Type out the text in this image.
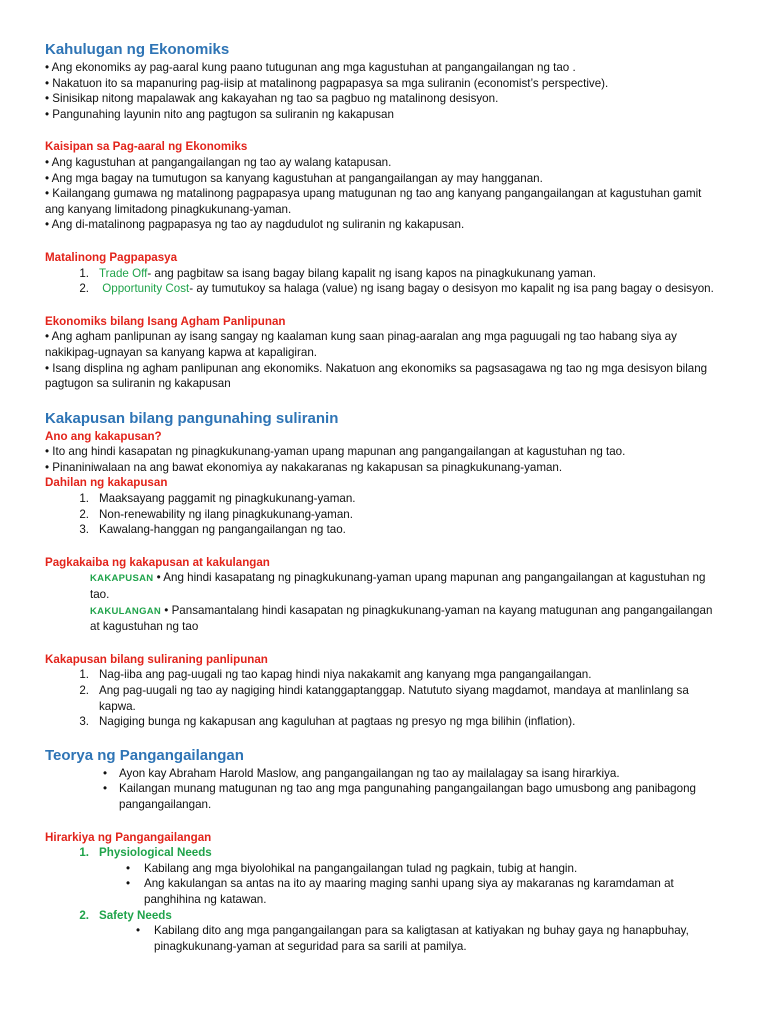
Kahulugan ng Ekonomiks

• Ang ekonomiks ay pag-aaral kung paano tutugunan ang mga kagustuhan at pangangailangan ng tao .

• Nakatuon ito sa mapanuring pag-iisip at matalinong pagpapasya sa mga suliranin (economist’s perspective).

• Sinisikap nitong mapalawak ang kakayahan ng tao sa pagbuo ng matalinong desisyon.

• Pangunahing layunin nito ang pagtugon sa suliranin ng kakapusan

Kaisipan sa Pag-aaral ng Ekonomiks

• Ang kagustuhan at pangangailangan ng tao ay walang katapusan.

• Ang mga bagay na tumutugon sa kanyang kagustuhan at pangangailangan ay may hangganan.

• Kailangang gumawa ng matalinong pagpapasya upang matugunan ng tao ang kanyang pangangailangan at kagustuhan gamit ang kanyang limitadong pinagkukunang-yaman.

• Ang di-matalinong pagpapasya ng tao ay nagdudulot ng suliranin ng kakapusan.

Matalinong Pagpapasya
1. Trade Off- ang pagbitaw sa isang bagay bilang kapalit ng isang kapos na pinagkukunang yaman.
2.	Opportunity Cost- ay tumutukoy sa halaga (value) ng isang bagay o desisyon mo kapalit ng isa pang bagay o desisyon.
Ekonomiks bilang Isang Agham Panlipunan

• Ang agham panlipunan ay isang sangay ng kaalaman kung saan pinag-aaralan ang mga paguugali ng tao habang siya ay nakikipag-ugnayan sa kanyang kapwa at kapaligiran.

• Isang displina ng agham panlipunan ang ekonomiks. Nakatuon ang ekonomiks sa pagsasagawa ng tao ng mga desisyon bilang pagtugon sa suliranin ng kakapusan

Kakapusan bilang pangunahing suliranin
Ano ang kakapusan?

• Ito ang hindi kasapatan ng pinagkukunang-yaman upang mapunan ang pangangailangan at kagustuhan ng tao.

• Pinaniniwalaan na ang bawat ekonomiya ay nakakaranas ng kakapusan sa pinagkukunang-yaman.

Dahilan ng kakapusan
1. Maaksayang paggamit ng pinagkukunang-yaman.
2. Non-renewability ng ilang pinagkukunang-yaman.
3. Kawalang-hanggan ng pangangailangan ng tao.
Pagkakaiba ng kakapusan at kakulangan

KAKAPUSAN • Ang hindi kasapatang ng pinagkukunang-yaman upang mapunan ang pangangailangan at kagustuhan ng tao.

KAKULANGAN • Pansamantalang hindi kasapatan ng pinagkukunang-yaman na kayang matugunan ang pangangailangan at kagustuhan ng tao

Kakapusan bilang suliraning panlipunan
1. Nag-iiba ang pag-uugali ng tao kapag hindi niya nakakamit ang kanyang mga pangangailangan.
2. Ang pag-uugali ng tao ay nagiging hindi katanggaptanggap. Natututo siyang magdamot, mandaya at manlinlang sa kapwa.
3. Nagiging bunga ng kakapusan ang kaguluhan at pagtaas ng presyo ng mga bilihin (inflation).
Teorya ng Pangangailangan
•	Ayon kay Abraham Harold Maslow, ang pangangailangan ng tao ay mailalagay sa isang hirarkiya.
•	Kailangan munang matugunan ng tao ang mga pangunahing pangangailangan bago umusbong ang panibagong pangangailangan.
Hirarkiya ng Pangangailangan
1. Physiological Needs
•	Kabilang ang mga biyolohikal na pangangailangan tulad ng pagkain, tubig at hangin.
•	Ang kakulangan sa antas na ito ay maaring maging sanhi upang siya ay makaranas ng karamdaman at panghihina ng katawan.
2. Safety Needs
•	Kabilang dito ang mga pangangailangan para sa kaligtasan at katiyakan ng buhay gaya ng hanapbuhay, pinagkukunang-yaman at seguridad para sa sarili at pamilya.
